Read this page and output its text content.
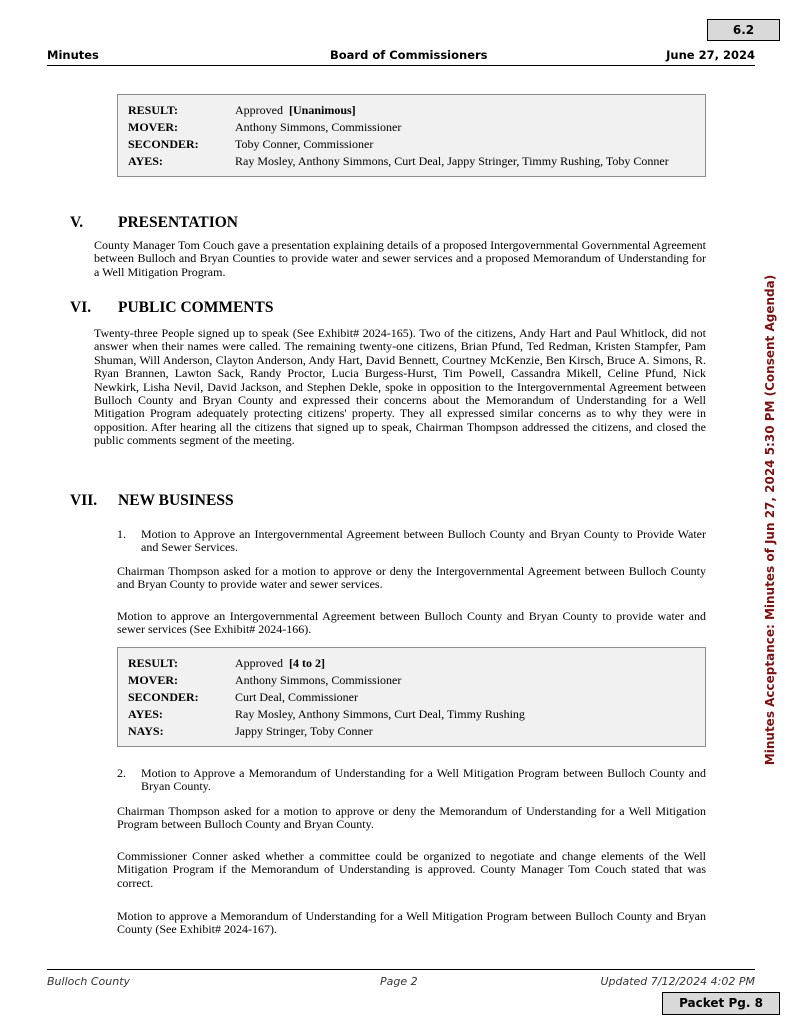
6.2
Minutes	Board of Commissioners	June 27, 2024
RESULT:	Approved [Unanimous]
MOVER:	Anthony Simmons, Commissioner
SECONDER:	Toby Conner, Commissioner
AYES:	Ray Mosley, Anthony Simmons, Curt Deal, Jappy Stringer, Timmy Rushing, Toby Conner
V. PRESENTATION
County Manager Tom Couch gave a presentation explaining details of a proposed Intergovernmental Governmental Agreement between Bulloch and Bryan Counties to provide water and sewer services and a proposed Memorandum of Understanding for a Well Mitigation Program.
VI. PUBLIC COMMENTS
Twenty-three People signed up to speak (See Exhibit# 2024-165). Two of the citizens, Andy Hart and Paul Whitlock, did not answer when their names were called. The remaining twenty-one citizens, Brian Pfund, Ted Redman, Kristen Stampfer, Pam Shuman, Will Anderson, Clayton Anderson, Andy Hart, David Bennett, Courtney McKenzie, Ben Kirsch, Bruce A. Simons, R. Ryan Brannen, Lawton Sack, Randy Proctor, Lucia Burgess-Hurst, Tim Powell, Cassandra Mikell, Celine Pfund, Nick Newkirk, Lisha Nevil, David Jackson, and Stephen Dekle, spoke in opposition to the Intergovernmental Agreement between Bulloch County and Bryan County and expressed their concerns about the Memorandum of Understanding for a Well Mitigation Program adequately protecting citizens' property. They all expressed similar concerns as to why they were in opposition. After hearing all the citizens that signed up to speak, Chairman Thompson addressed the citizens, and closed the public comments segment of the meeting.
VII. NEW BUSINESS
1. Motion to Approve an Intergovernmental Agreement between Bulloch County and Bryan County to Provide Water and Sewer Services.
Chairman Thompson asked for a motion to approve or deny the Intergovernmental Agreement between Bulloch County and Bryan County to provide water and sewer services.
Motion to approve an Intergovernmental Agreement between Bulloch County and Bryan County to provide water and sewer services (See Exhibit# 2024-166).
RESULT:	Approved [4 to 2]
MOVER:	Anthony Simmons, Commissioner
SECONDER:	Curt Deal, Commissioner
AYES:	Ray Mosley, Anthony Simmons, Curt Deal, Timmy Rushing
NAYS:	Jappy Stringer, Toby Conner
2. Motion to Approve a Memorandum of Understanding for a Well Mitigation Program between Bulloch County and Bryan County.
Chairman Thompson asked for a motion to approve or deny the Memorandum of Understanding for a Well Mitigation Program between Bulloch County and Bryan County.
Commissioner Conner asked whether a committee could be organized to negotiate and change elements of the Well Mitigation Program if the Memorandum of Understanding is approved. County Manager Tom Couch stated that was correct.
Motion to approve a Memorandum of Understanding for a Well Mitigation Program between Bulloch County and Bryan County (See Exhibit# 2024-167).
Bulloch County	Page 2	Updated 7/12/2024 4:02 PM
Packet Pg. 8
Minutes Acceptance: Minutes of Jun 27, 2024 5:30 PM (Consent Agenda)
